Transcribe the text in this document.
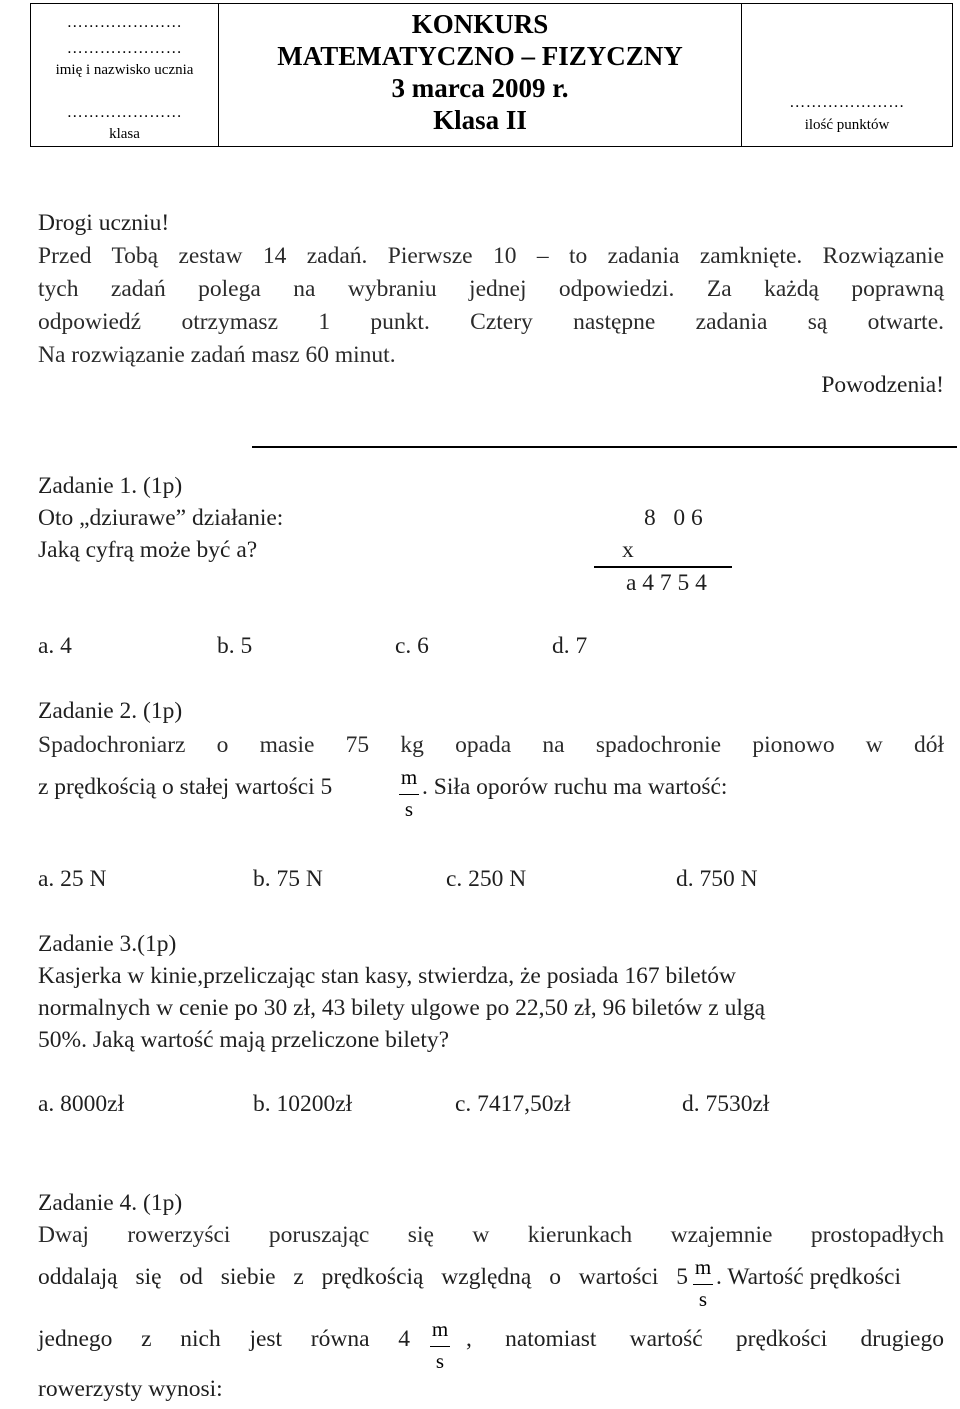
…………………
…………………
imię i nazwisko ucznia
…………………
klasa
KONKURS
MATEMATYCZNO – FIZYCZNY
3 marca 2009 r.
Klasa II
…………………
ilość punktów
Drogi uczniu!
Przed Tobą zestaw 14 zadań. Pierwsze 10 – to zadania zamknięte. Rozwiązanie
tych zadań polega na wybraniu jednej odpowiedzi. Za każdą poprawną
odpowiedź otrzymasz 1 punkt. Cztery następne zadania są otwarte.
Na rozwiązanie zadań masz 60 minut.
Powodzenia!
Zadanie 1. (1p)
Oto „dziurawe” działanie:
Jaką cyfrą może być a?
8   0 6
x
a 4 7 5 4
a. 4	b. 5	c. 6	d. 7
Zadanie 2. (1p)
Spadochroniarz o masie 75 kg opada na spadochronie pionowo w dół
z prędkością o stałej wartości 5	m
s
. Siła oporów ruchu ma wartość:
a. 25 N	b. 75 N	c. 250 N	d. 750 N
Zadanie 3.(1p)
Kasjerka w kinie,przeliczając stan kasy, stwierdza, że posiada 167 biletów
normalnych w cenie po 30 zł, 43 bilety ulgowe po 22,50 zł, 96 biletów z ulgą
50%. Jaką wartość mają przeliczone bilety?
a. 8000zł	b. 10200zł	c. 7417,50zł	d. 7530zł
Zadanie 4. (1p)
Dwaj rowerzyści poruszając się w kierunkach wzajemnie prostopadłych
oddalają się od siebie z prędkością względną o wartości 5 m
s
. Wartość prędkości
jednego z nich jest równa 4 m
s
, natomiast wartość prędkości drugiego
rowerzysty wynosi:
